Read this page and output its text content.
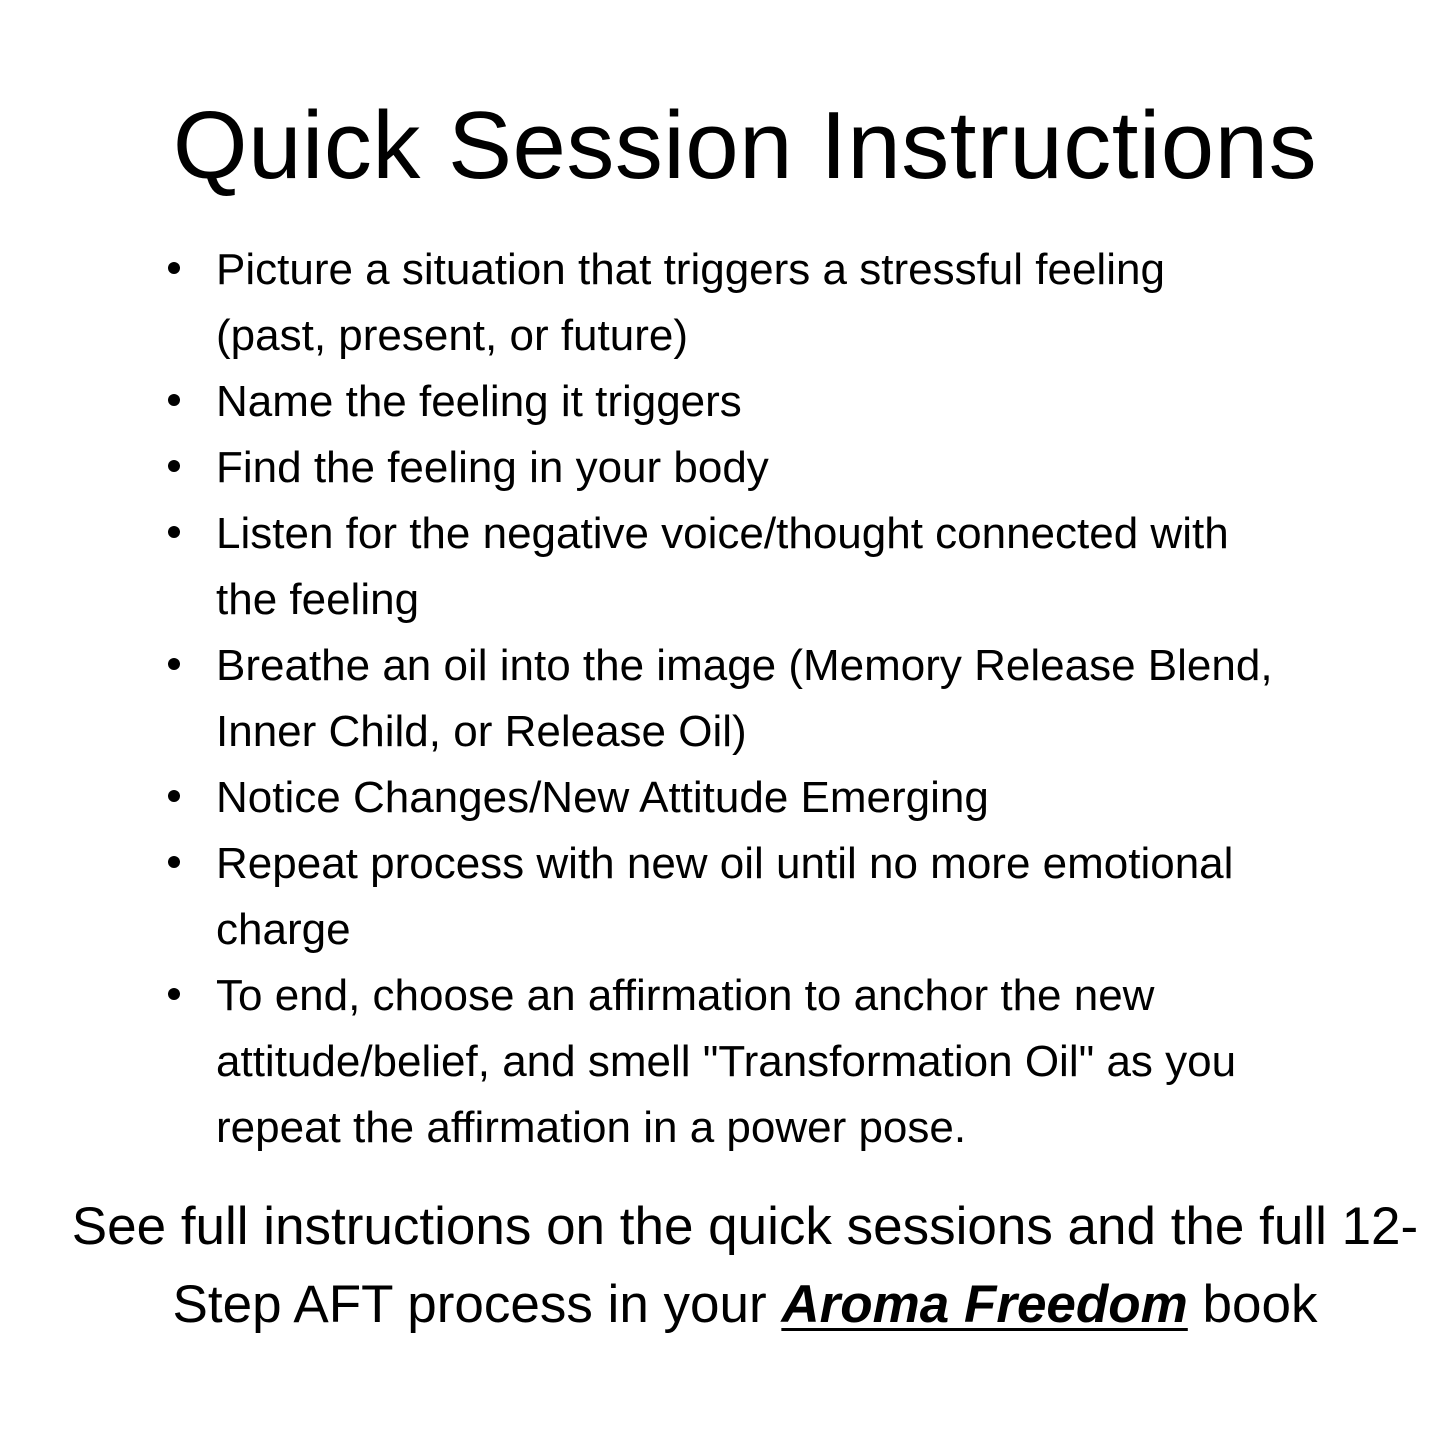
Quick Session Instructions
Picture a situation that triggers a stressful feeling (past, present, or future)
Name the feeling it triggers
Find the feeling in your body
Listen for the negative voice/thought connected with the feeling
Breathe an oil into the image (Memory Release Blend, Inner Child, or Release Oil)
Notice Changes/New Attitude Emerging
Repeat process with new oil until no more emotional charge
To end, choose an affirmation to anchor the new attitude/belief, and smell "Transformation Oil" as you repeat the affirmation in a power pose.

See full instructions on the quick sessions and the full 12-Step AFT process in your Aroma Freedom book
